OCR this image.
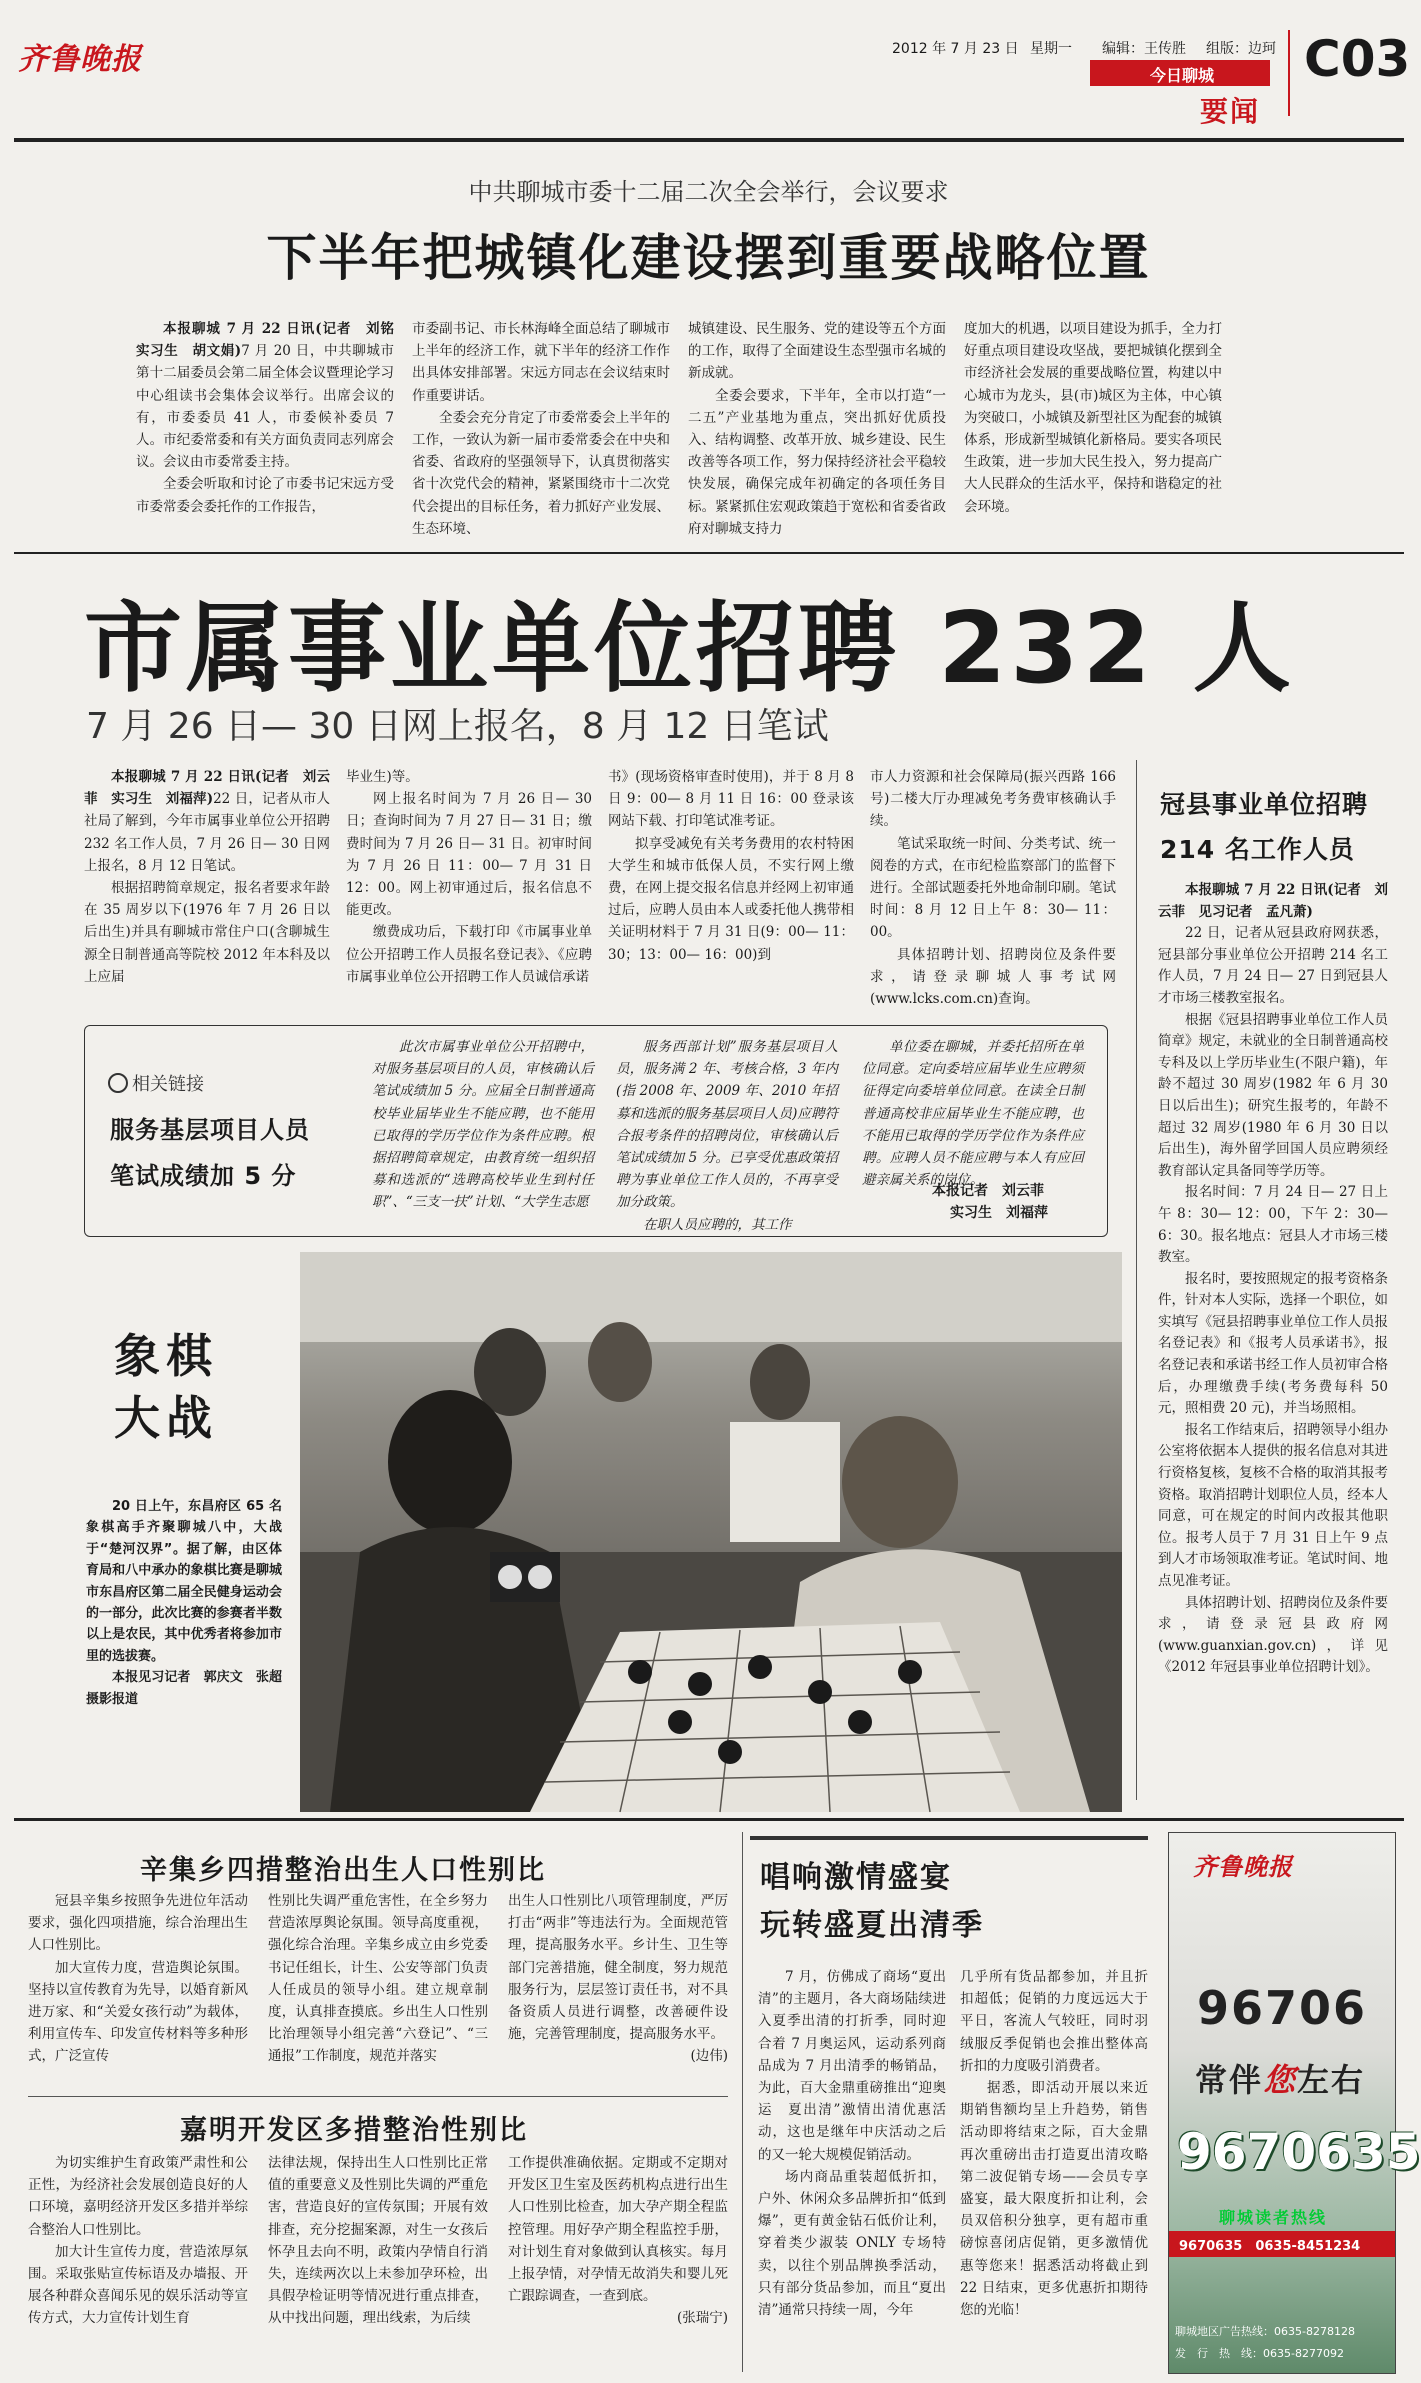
齐鲁晚报	2012 年 7 月 23 日 星期一 编辑：王传胜 组版：边珂
今日聊城
要闻
C03
中共聊城市委十二届二次全会举行，会议要求
下半年把城镇化建设摆到重要战略位置

本报聊城 7 月 22 日讯(记者　刘铭　实习生　胡文娟)7 月 20 日，中共聊城市第十二届委员会第二届全体会议暨理论学习中心组读书会集体会议举行。出席会议的有，市委委员 41 人，市委候补委员 7 人。市纪委常委和有关方面负责同志列席会议。会议由市委常委主持。

全委会听取和讨论了市委书记宋远方受市委常委会委托作的工作报告，

市委副书记、市长林海峰全面总结了聊城市上半年的经济工作，就下半年的经济工作作出具体安排部署。宋远方同志在会议结束时作重要讲话。

全委会充分肯定了市委常委会上半年的工作，一致认为新一届市委常委会在中央和省委、省政府的坚强领导下，认真贯彻落实省十次党代会的精神，紧紧围绕市十二次党代会提出的目标任务，着力抓好产业发展、生态环境、

城镇建设、民生服务、党的建设等五个方面的工作，取得了全面建设生态型强市名城的新成就。

全委会要求，下半年，全市以打造“一二五”产业基地为重点，突出抓好优质投入、结构调整、改革开放、城乡建设、民生改善等各项工作，努力保持经济社会平稳较快发展，确保完成年初确定的各项任务目标。紧紧抓住宏观政策趋于宽松和省委省政府对聊城支持力

度加大的机遇，以项目建设为抓手，全力打好重点项目建设攻坚战，要把城镇化摆到全市经济社会发展的重要战略位置，构建以中心城市为龙头，县(市)城区为主体，中心镇为突破口，小城镇及新型社区为配套的城镇体系，形成新型城镇化新格局。要实各项民生政策，进一步加大民生投入，努力提高广大人民群众的生活水平，保持和谐稳定的社会环境。

市属事业单位招聘 232 人
7 月 26 日— 30 日网上报名，8 月 12 日笔试

本报聊城 7 月 22 日讯(记者　刘云菲　实习生　刘福萍)22 日，记者从市人社局了解到，今年市属事业单位公开招聘 232 名工作人员，7 月 26 日— 30 日网上报名，8 月 12 日笔试。

根据招聘简章规定，报名者要求年龄在 35 周岁以下(1976 年 7 月 26 日以后出生)并具有聊城市常住户口(含聊城生源全日制普通高等院校 2012 年本科及以上应届

毕业生)等。

网上报名时间为 7 月 26 日— 30 日；查询时间为 7 月 27 日— 31 日；缴费时间为 7 月 26 日— 31 日。初审时间为 7 月 26 日 11：00— 7 月 31 日 12：00。网上初审通过后，报名信息不能更改。

缴费成功后，下载打印《市属事业单位公开招聘工作人员报名登记表》、《应聘市属事业单位公开招聘工作人员诚信承诺

书》(现场资格审查时使用)，并于 8 月 8 日 9：00— 8 月 11 日 16：00 登录该网站下载、打印笔试准考证。

拟享受减免有关考务费用的农村特困大学生和城市低保人员，不实行网上缴费，在网上提交报名信息并经网上初审通过后，应聘人员由本人或委托他人携带相关证明材料于 7 月 31 日(9：00— 11：30；13：00— 16：00)到

市人力资源和社会保障局(振兴西路 166 号)二楼大厅办理减免考务费审核确认手续。

笔试采取统一时间、分类考试、统一阅卷的方式，在市纪检监察部门的监督下进行。全部试题委托外地命制印刷。笔试时间：8 月 12 日上午 8：30— 11：00。

具体招聘计划、招聘岗位及条件要求，请登录聊城人事考试网(www.lcks.com.cn)查询。

相关链接
服务基层项目人员
笔试成绩加 5 分
此次市属事业单位公开招聘中，对服务基层项目的人员，审核确认后笔试成绩加 5 分。应届全日制普通高校毕业届毕业生不能应聘，也不能用已取得的学历学位作为条件应聘。根据招聘简章规定，由教育统一组织招募和选派的“选聘高校毕业生到村任职”、“三支一扶”计划、“大学生志愿
服务西部计划”服务基层项目人员，服务满 2 年、考核合格，3 年内(指 2008 年、2009 年、2010 年招募和选派的服务基层项目人员)应聘符合报考条件的招聘岗位，审核确认后笔试成绩加 5 分。已享受优惠政策招聘为事业单位工作人员的，不再享受加分政策。
在职人员应聘的，其工作
单位委在聊城，并委托招所在单位同意。定向委培应届毕业生应聘须征得定向委培单位同意。在读全日制普通高校非应届毕业生不能应聘，也不能用已取得的学历学位作为条件应聘。应聘人员不能应聘与本人有应回避亲属关系的岗位。
本报记者　刘云菲
实习生　刘福萍
冠县事业单位招聘
214 名工作人员

本报聊城 7 月 22 日讯(记者　刘云菲　见习记者　孟凡萧)

22 日，记者从冠县政府网获悉，冠县部分事业单位公开招聘 214 名工作人员，7 月 24 日— 27 日到冠县人才市场三楼教室报名。

根据《冠县招聘事业单位工作人员简章》规定，未就业的全日制普通高校专科及以上学历毕业生(不限户籍)，年龄不超过 30 周岁(1982 年 6 月 30 日以后出生)；研究生报考的，年龄不超过 32 周岁(1980 年 6 月 30 日以后出生)，海外留学回国人员应聘须经教育部认定具备同等学历等。

报名时间：7 月 24 日— 27 日上午 8：30— 12：00，下午 2：30— 6：30。报名地点：冠县人才市场三楼教室。

报名时，要按照规定的报考资格条件，针对本人实际，选择一个职位，如实填写《冠县招聘事业单位工作人员报名登记表》和《报考人员承诺书》，报名登记表和承诺书经工作人员初审合格后，办理缴费手续(考务费每科 50 元，照相费 20 元)，并当场照相。

报名工作结束后，招聘领导小组办公室将依据本人提供的报名信息对其进行资格复核，复核不合格的取消其报考资格。取消招聘计划职位人员，经本人同意，可在规定的时间内改报其他职位。报考人员于 7 月 31 日上午 9 点到人才市场领取准考证。笔试时间、地点见准考证。

具体招聘计划、招聘岗位及条件要求，请登录冠县政府网(www.guanxian.gov.cn)，详见《2012 年冠县事业单位招聘计划》。

象棋
大战

20 日上午，东昌府区 65 名象棋高手齐聚聊城八中，大战于“楚河汉界”。据了解，由区体育局和八中承办的象棋比赛是聊城市东昌府区第二届全民健身运动会的一部分，此次比赛的参赛者半数以上是农民，其中优秀者将参加市里的选拔赛。

本报见习记者　郭庆文　张超　摄影报道

辛集乡四措整治出生人口性别比

冠县辛集乡按照争先进位年活动要求，强化四项措施，综合治理出生人口性别比。

加大宣传力度，营造舆论氛围。坚持以宣传教育为先导，以婚育新风进万家、和“关爱女孩行动”为载体，利用宣传车、印发宣传材料等多种形式，广泛宣传

性别比失调严重危害性，在全乡努力营造浓厚舆论氛围。领导高度重视，强化综合治理。辛集乡成立由乡党委书记任组长，计生、公安等部门负责人任成员的领导小组。建立规章制度，认真排查摸底。乡出生人口性别比治理领导小组完善“六登记”、“三通报”工作制度，规范并落实

出生人口性别比八项管理制度，严厉打击“两非”等违法行为。全面规范管理，提高服务水平。乡计生、卫生等部门完善措施，健全制度，努力规范服务行为，层层签订责任书，对不具备资质人员进行调整，改善硬件设施，完善管理制度，提高服务水平。

(边伟)

嘉明开发区多措整治性别比

为切实维护生育政策严肃性和公正性，为经济社会发展创造良好的人口环境，嘉明经济开发区多措并举综合整治人口性别比。

加大计生宣传力度，营造浓厚氛围。采取张贴宣传标语及办墙报、开展各种群众喜闻乐见的娱乐活动等宣传方式，大力宣传计划生育

法律法规，保持出生人口性别比正常值的重要意义及性别比失调的严重危害，营造良好的宣传氛围；开展有效排查，充分挖掘案源，对生一女孩后怀孕且去向不明，政策内孕情自行消失，连续两次以上未参加孕环检，出具假孕检证明等情况进行重点排查，从中找出问题，理出线索，为后续

工作提供准确依据。定期或不定期对开发区卫生室及医药机构点进行出生人口性别比检查，加大孕产期全程监控管理。用好孕产期全程监控手册，对计划生育对象做到认真核实。每月上报孕情，对孕情无故消失和婴儿死亡跟踪调查，一查到底。

(张瑞宁)

唱响激情盛宴
玩转盛夏出清季

7 月，仿佛成了商场“夏出清”的主题月，各大商场陆续进入夏季出清的打折季，同时迎合着 7 月奥运风，运动系列商品成为 7 月出清季的畅销品，为此，百大金鼎重磅推出“迎奥运　夏出清”激情出清优惠活动，这也是继年中庆活动之后的又一轮大规模促销活动。

场内商品重装超低折扣，户外、休闲众多品牌折扣“低到爆”，更有黄金钻石低价让利，穿着类少淑装 ONLY 专场特卖，以往个别品牌换季活动，只有部分货品参加，而且“夏出清”通常只持续一周，今年

几乎所有货品都参加，并且折扣超低；促销的力度远远大于平日，客流人气较旺，同时羽绒服反季促销也会推出整体高折扣的力度吸引消费者。

据悉，即活动开展以来近期销售额均呈上升趋势，销售活动即将结束之际，百大金鼎再次重磅出击打造夏出清攻略第二波促销专场——会员专享盛宴，最大限度折扣让利，会员双倍积分独享，更有超市重磅惊喜闭店促销，更多激情优惠等您来！据悉活动将截止到 22 日结束，更多优惠折扣期待您的光临！

齐鲁晚报
96706
常伴您左右
9670635
聊城读者热线
9670635　0635-8451234
聊城地区广告热线：0635-8278128
发　行　热　线：0635-8277092
